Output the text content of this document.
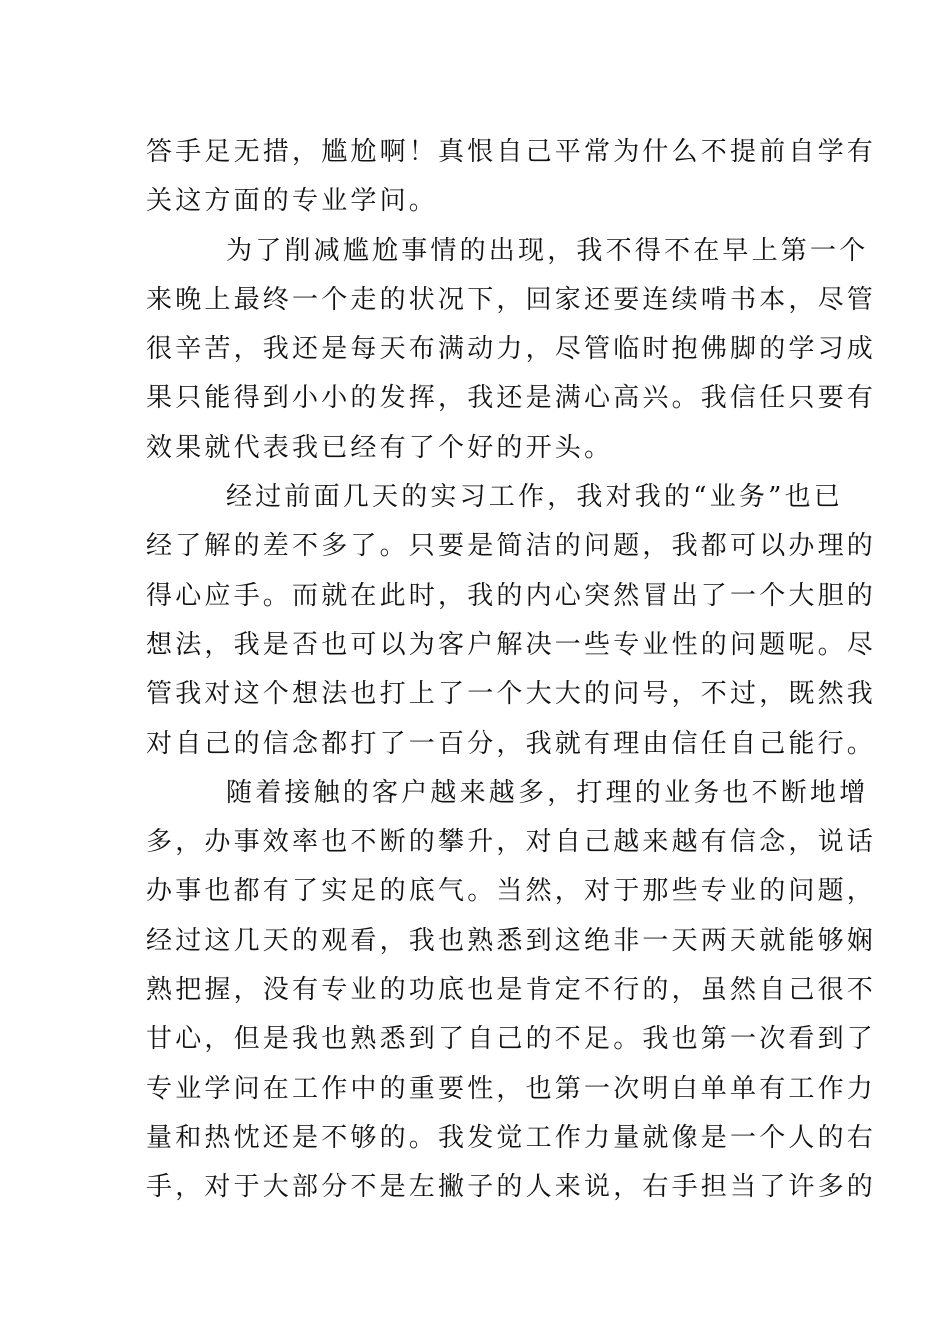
答手足无措，尴尬啊！真恨自己平常为什么不提前自学有
关这方面的专业学问。
为了削减尴尬事情的出现，我不得不在早上第一个
来晚上最终一个走的状况下，回家还要连续啃书本，尽管
很辛苦，我还是每天布满动力，尽管临时抱佛脚的学习成
果只能得到小小的发挥，我还是满心高兴。我信任只要有
效果就代表我已经有了个好的开头。
经过前面几天的实习工作，我对我的“业务”也已
经了解的差不多了。只要是简洁的问题，我都可以办理的
得心应手。而就在此时，我的内心突然冒出了一个大胆的
想法，我是否也可以为客户解决一些专业性的问题呢。尽
管我对这个想法也打上了一个大大的问号，不过，既然我
对自己的信念都打了一百分，我就有理由信任自己能行。
随着接触的客户越来越多，打理的业务也不断地增
多，办事效率也不断的攀升，对自己越来越有信念，说话
办事也都有了实足的底气。当然，对于那些专业的问题，
经过这几天的观看，我也熟悉到这绝非一天两天就能够娴
熟把握，没有专业的功底也是肯定不行的，虽然自己很不
甘心，但是我也熟悉到了自己的不足。我也第一次看到了
专业学问在工作中的重要性，也第一次明白单单有工作力
量和热忱还是不够的。我发觉工作力量就像是一个人的右
手，对于大部分不是左撇子的人来说，右手担当了许多的
